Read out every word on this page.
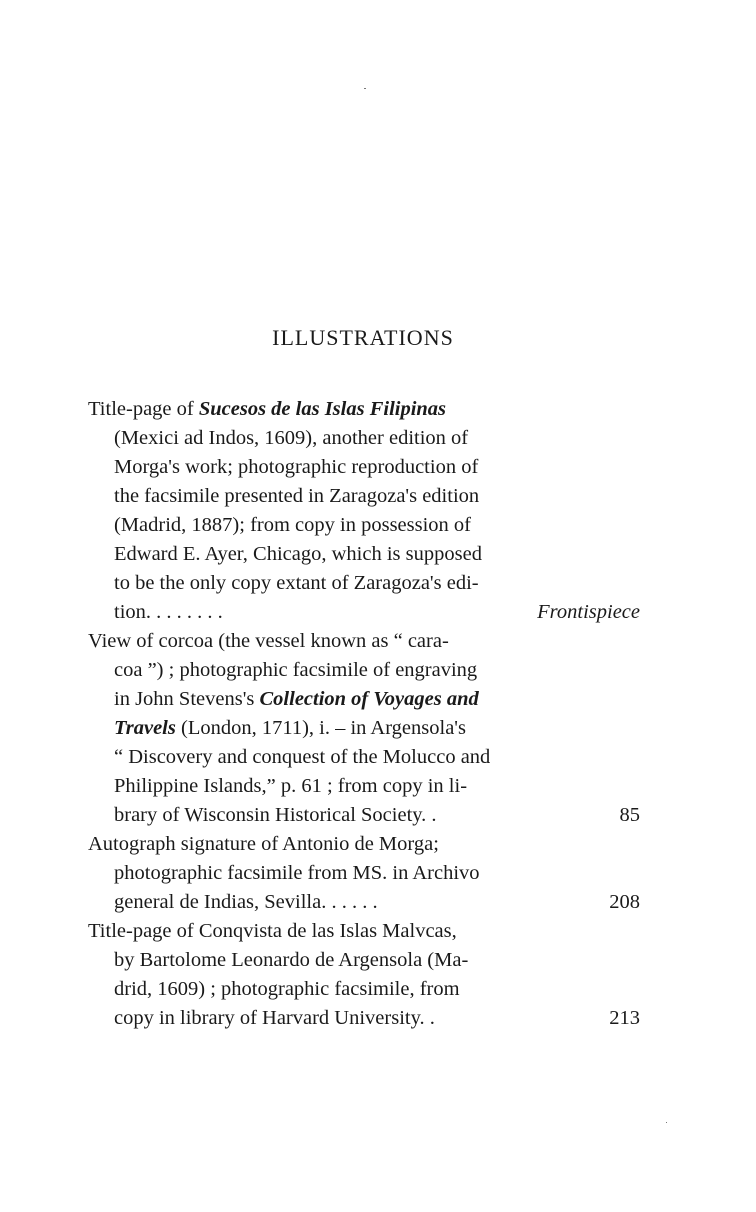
ILLUSTRATIONS
Title-page of Sucesos de las Islas Filipinas
(Mexici ad Indos, 1609), another edition of
Morga's work; photographic reproduction of
the facsimile presented in Zaragoza's edition
(Madrid, 1887); from copy in possession of
Edward E. Ayer, Chicago, which is supposed
to be the only copy extant of Zaragoza's edi-
tion. . . . . . . .	Frontispiece
View of corcoa (the vessel known as “ cara-
coa ”) ; photographic facsimile of engraving
in John Stevens's Collection of Voyages and
Travels (London, 1711), i. – in Argensola's
“ Discovery and conquest of the Molucco and
Philippine Islands,” p. 61 ; from copy in li-
brary of Wisconsin Historical Society. .	85
Autograph signature of Antonio de Morga;
photographic facsimile from MS. in Archivo
general de Indias, Sevilla. . . . . .	208
Title-page of Conqvista de las Islas Malvcas,
by Bartolome Leonardo de Argensola (Ma-
drid, 1609) ; photographic facsimile, from
copy in library of Harvard University. .	213
